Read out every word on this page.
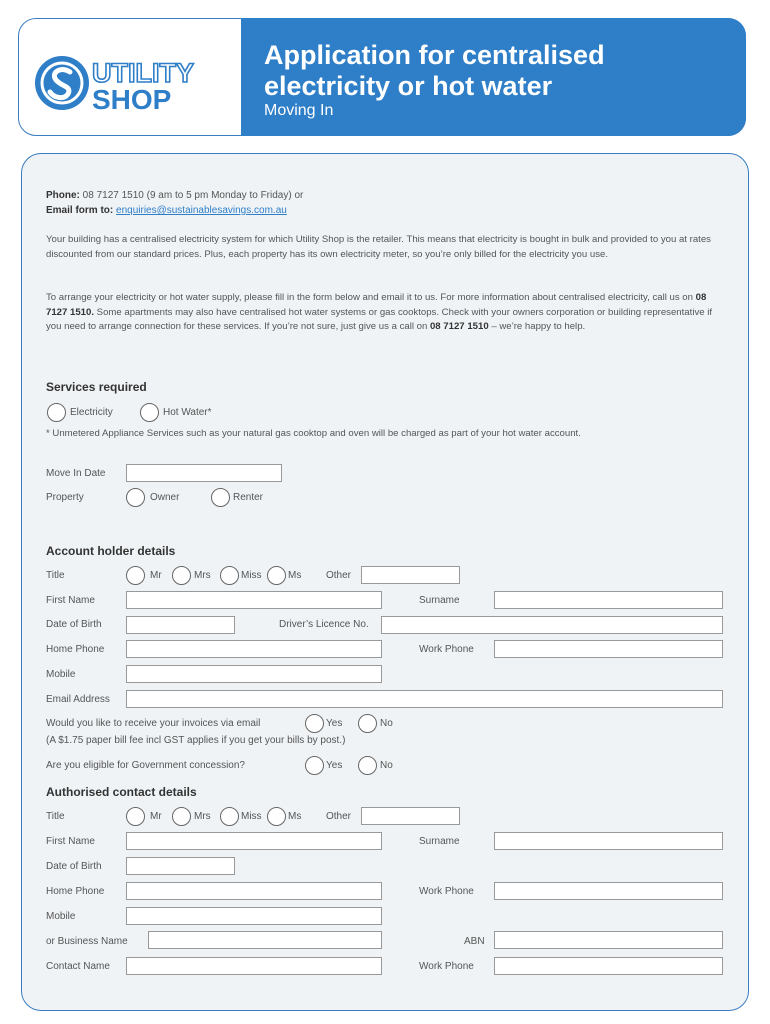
UTILITY
SHOP
Application for centralised electricity or hot water
Moving In
Phone: 08 7127 1510 (9 am to 5 pm Monday to Friday) or
Email form to: enquiries@sustainablesavings.com.au
Your building has a centralised electricity system for which Utility Shop is the retailer. This means that electricity is bought in bulk and provided to you at rates discounted from our standard prices. Plus, each property has its own electricity meter, so you’re only billed for the electricity you use.
To arrange your electricity or hot water supply, please fill in the form below and email it to us. For more information about centralised electricity, call us on 08 7127 1510. Some apartments may also have centralised hot water systems or gas cooktops. Check with your owners corporation or building representative if you need to arrange connection for these services. If you’re not sure, just give us a call on 08 7127 1510 – we’re happy to help.
Services required
Electricity	Hot Water*
* Unmetered Appliance Services such as your natural gas cooktop and oven will be charged as part of your hot water account.
Move In Date
Property	Owner	Renter
Account holder details
Title	Mr	Mrs	Miss	Ms Other
First Name	Surname
Date of Birth	Driver’s Licence No.
Home Phone	Work Phone
Mobile
Email Address
Would you like to receive your invoices via email	Yes	No
(A $1.75 paper bill fee incl GST applies if you get your bills by post.)
Are you eligible for Government concession?	Yes	No
Authorised contact details
Title	Mr	Mrs	Miss	Ms Other
First Name	Surname
Date of Birth
Home Phone	Work Phone
Mobile
or Business Name	ABN
Contact Name	Work Phone
